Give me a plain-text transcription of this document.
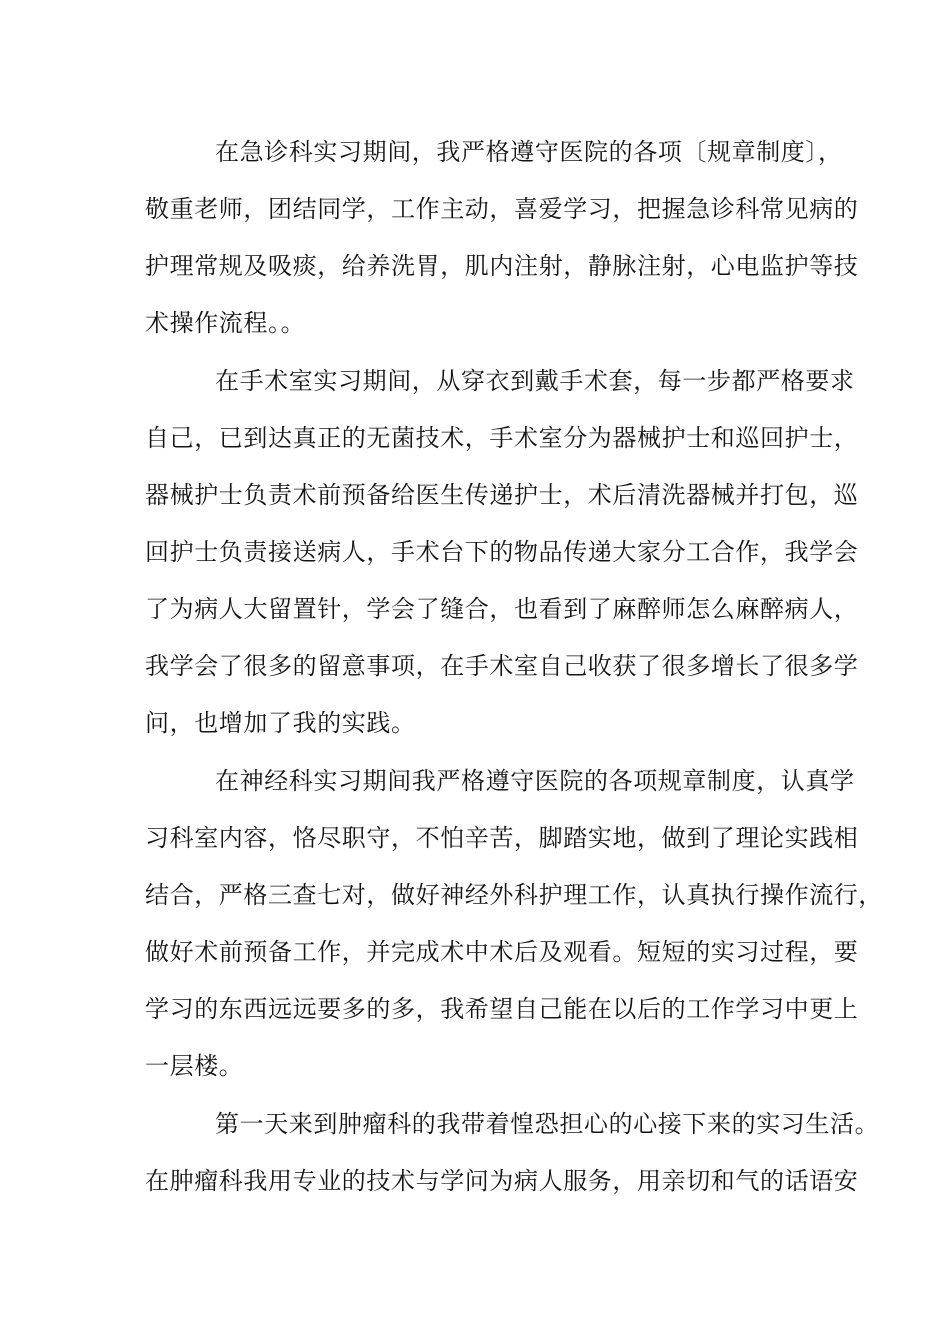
在急诊科实习期间，我严格遵守医院的各项〔规章制度〕，
敬重老师，团结同学，工作主动，喜爱学习，把握急诊科常见病的
护理常规及吸痰，给养洗胃，肌内注射，静脉注射，心电监护等技
术操作流程。。
在手术室实习期间，从穿衣到戴手术套，每一步都严格要求
自己，已到达真正的无菌技术，手术室分为器械护士和巡回护士，
器械护士负责术前预备给医生传递护士，术后清洗器械并打包，巡
回护士负责接送病人，手术台下的物品传递大家分工合作，我学会
了为病人大留置针，学会了缝合，也看到了麻醉师怎么麻醉病人，
我学会了很多的留意事项，在手术室自己收获了很多增长了很多学
问，也增加了我的实践。
在神经科实习期间我严格遵守医院的各项规章制度，认真学
习科室内容，恪尽职守，不怕辛苦，脚踏实地，做到了理论实践相
结合，严格三查七对，做好神经外科护理工作，认真执行操作流行，
做好术前预备工作，并完成术中术后及观看。短短的实习过程，要
学习的东西远远要多的多，我希望自己能在以后的工作学习中更上
一层楼。
第一天来到肿瘤科的我带着惶恐担心的心接下来的实习生活。
在肿瘤科我用专业的技术与学问为病人服务，用亲切和气的话语安
